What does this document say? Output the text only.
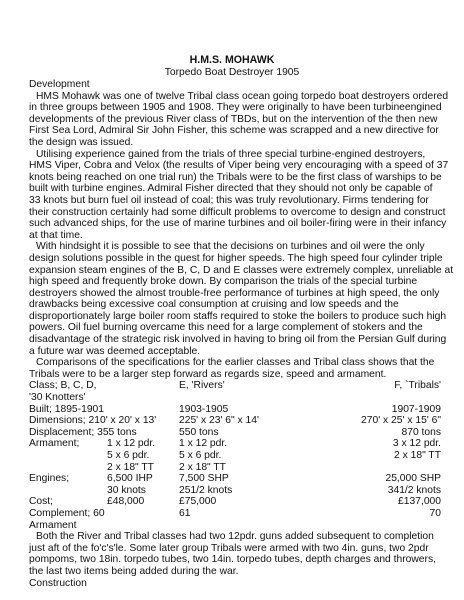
H.M.S. MOHAWK
Torpedo Boat Destroyer 1905
Development
HMS Mohawk was one of twelve Tribal class ocean going torpedo boat destroyers ordered
in three groups between 1905 and 1908. They were originally to have been turbineengined
developments of the previous River class of TBDs, but on the intervention of the then new
First Sea Lord, Admiral Sir John Fisher, this scheme was scrapped and a new directive for
the design was issued.
Utilising experience gained from the trials of three special turbine-engined destroyers,
HMS Viper, Cobra and Velox (the results of Viper being very encouraging with a speed of 37
knots being reached on one trial run) the Tribals were to be the first class of warships to be
built with turbine engines. Admiral Fisher directed that they should not only be capable of
33 knots but burn fuel oil instead of coal; this was truly revolutionary. Firms tendering for
their construction certainly had some difficult problems to overcome to design and construct
such advanced ships, for the use of marine turbines and oil boiler-firing were in their infancy
at that time.
With hindsight it is possible to see that the decisions on turbines and oil were the only
design solutions possible in the quest for higher speeds. The high speed four cylinder triple
expansion steam engines of the B, C, D and E classes were extremely complex, unreliable at
high speed and frequently broke down. By comparison the trials of the special turbine
destroyers showed the almost trouble-free performance of turbines at high speed, the only
drawbacks being excessive coal consumption at cruising and low speeds and the
disproportionately large boiler room staffs required to stoke the boilers to produce such high
powers. Oil fuel burning overcame this need for a large complement of stokers and the
disadvantage of the strategic risk involved in having to bring oil from the Persian Gulf during
a future war was deemed acceptable.
Comparisons of the specifications for the earlier classes and Tribal class shows that the
Tribals were to be a larger step forward as regards size, speed and armament.
Class; B, C, D,	E, 'Rivers'	F, `Tribals'
'30 Knotters'
Built; 1895-1901		1903-1905	1907-1909
Dimensions; 210' x 20' x 13'		225' x 23' 6" x 14'	270' x 25' x 15' 6"
Displacement; 355 tons		550 tons	870 tons
Armament;	1 x 12 pdr.	1 x 12 pdr.	3 x 12 pdr.
	5 x 6 pdr.	5 x 6 pdr.	2 x 18" TT
	2 x 18" TT	2 x 18" TT	
Engines;	6,500 IHP	7,500 SHP	25,000 SHP
	30 knots	251/2 knots	341/2 knots
Cost;	£48,000	£75,000	£137,000
Complement; 60		61	70
Armament
Both the River and Tribal classes had two 12pdr. guns added subsequent to completion
just aft of the fo'c's'le. Some later group Tribals were armed with two 4in. guns, two 2pdr
pompoms, two 18in. torpedo tubes, two 14in. torpedo tubes, depth charges and throwers,
the last two items being added during the war.
Construction
